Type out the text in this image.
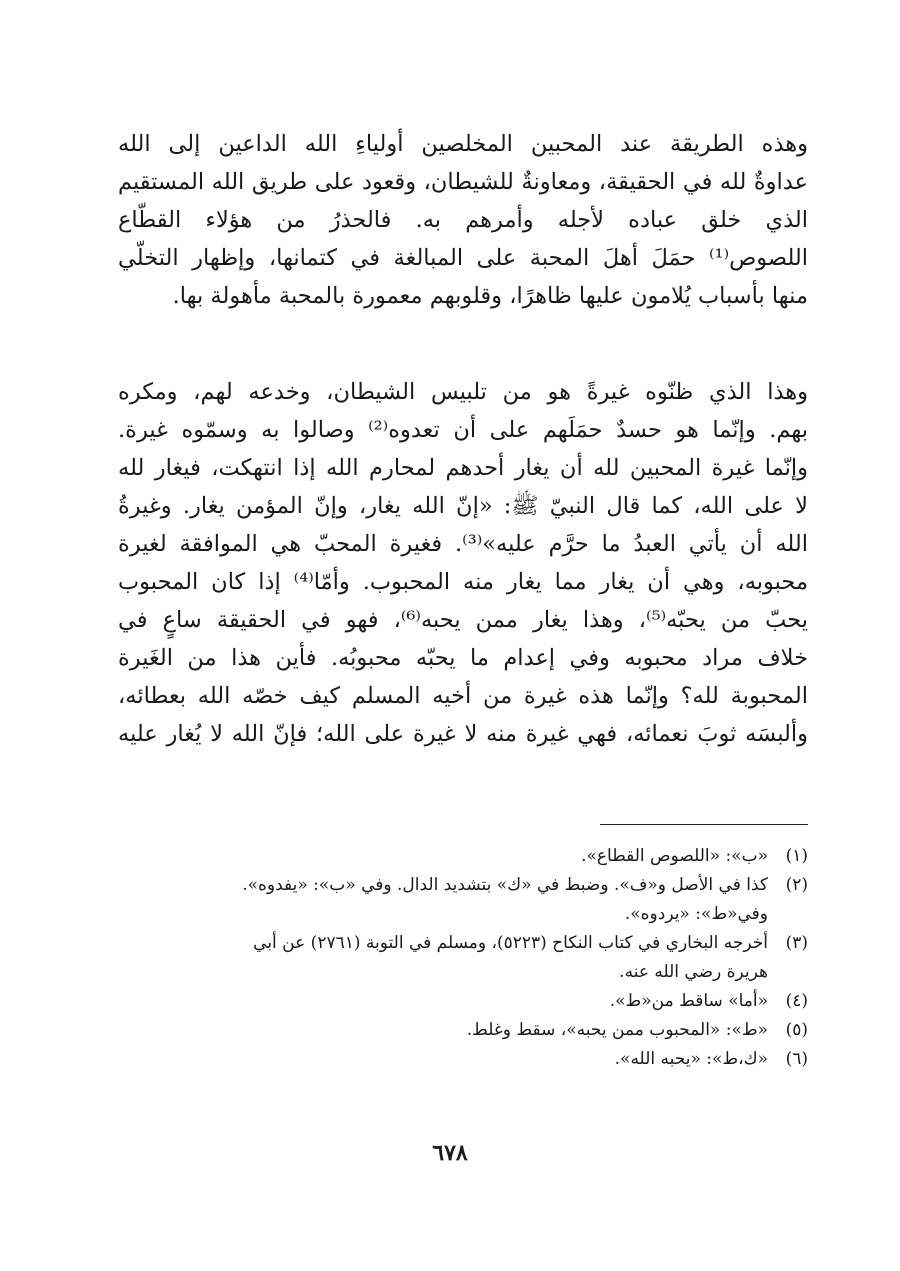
وهذه الطريقة عند المحبين المخلصين أولياءِ الله الداعين إلى الله
عداوةٌ لله في الحقيقة، ومعاونةٌ للشيطان، وقعود على طريق الله المستقيم
الذي خلق عباده لأجله وأمرهم به. فالحذرُ من هؤلاء القطّاع
اللصوص⁽¹⁾ حمَلَ أهلَ المحبة على المبالغة في كتمانها، وإظهار التخلّي
منها بأسباب يُلامون عليها ظاهرًا، وقلوبهم معمورة بالمحبة مأهولة بها.
وهذا الذي ظنّوه غيرةً هو من تلبيس الشيطان، وخدعه لهم، ومكره
بهم. وإنّما هو حسدٌ حمَلَهم على أن تعدوه⁽²⁾ وصالوا به وسمّوه غيرة.
وإنّما غيرة المحبين لله أن يغار أحدهم لمحارم الله إذا انتهكت، فيغار لله
لا على الله، كما قال النبيّ ﷺ: «إنّ الله يغار، وإنّ المؤمن يغار. وغيرةُ
الله أن يأتي العبدُ ما حرَّم عليه»⁽³⁾. فغيرة المحبّ هي الموافقة لغيرة
محبوبه، وهي أن يغار مما يغار منه المحبوب. وأمّا⁽⁴⁾ إذا كان المحبوب
يحبّ من يحبّه⁽⁵⁾، وهذا يغار ممن يحبه⁽⁶⁾، فهو في الحقيقة ساعٍ في
خلاف مراد محبوبه وفي إعدام ما يحبّه محبوبُه. فأين هذا من الغَيرة
المحبوبة لله؟ وإنّما هذه غيرة من أخيه المسلم كيف خصّه الله بعطائه،
وألبسَه ثوبَ نعمائه، فهي غيرة منه لا غيرة على الله؛ فإنّ الله لا يُغار عليه
(١)
«ب»: «اللصوص القطاع».
(٢)
كذا في الأصل و«ف». وضبط في «ك» بتشديد الدال. وفي «ب»: «يفدوه».
وفي«ط»: «يردوه».
(٣)
أخرجه البخاري في كتاب النكاح (٥٢٢٣)، ومسلم في التوبة (٢٧٦١) عن أبي
هريرة رضي الله عنه.
(٤)
«أما» ساقط من«ط».
(٥)
«ط»: «المحبوب ممن يحبه»، سقط وغلط.
(٦)
«ك،ط»: «يحبه الله».
٦٧٨
